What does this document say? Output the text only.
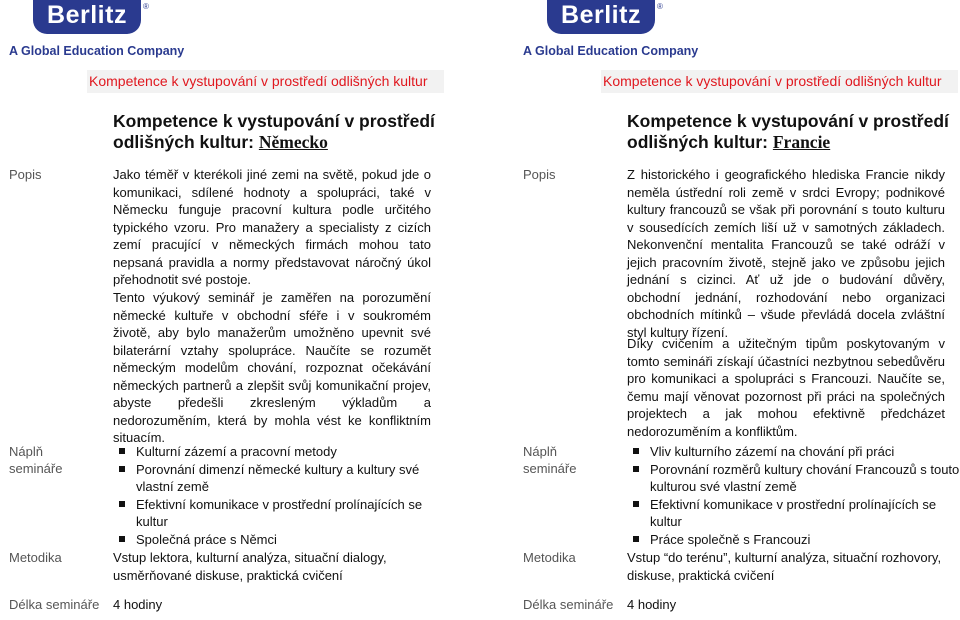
Berlitz	®
A Global Education Company
Kompetence k vystupování v prostředí odlišných kultur
Kompetence k vystupování v prostředí
odlišných kultur: Německo
Popis	Jako téměř v kterékoli jiné zemi na světě, pokud jde o komunikaci, sdílené hodnoty a spolupráci, také v Německu funguje pracovní kultura podle určitého typického vzoru. Pro manažery a specialisty z cizích zemí pracující v německých firmách mohou tato nepsaná pravidla a normy představovat náročný úkol přehodnotit své postoje.
Tento výukový seminář je zaměřen na porozumění německé kultuře v obchodní sféře i v soukromém životě, aby bylo manažerům umožněno upevnit své bilaterární vztahy spolupráce. Naučíte se rozumět německým modelům chování, rozpoznat očekávání německých partnerů a zlepšit svůj komunikační projev, abyste předešli zkresleným výkladům a nedorozuměním, která by mohla vést ke konfliktním situacím.
Náplň
semináře
Kulturní zázemí a pracovní metody
Porovnání dimenzí německé kultury a kultury své vlastní země
Efektivní komunikace v prostřední prolínajících se kultur
Společná práce s Němci
Metodika	Vstup lektora, kulturní analýza, situační dialogy, usměrňované diskuse, praktická cvičení
Délka semináře 4 hodiny
Berlitz	®
A Global Education Company
Kompetence k vystupování v prostředí odlišných kultur
Kompetence k vystupování v prostředí
odlišných kultur: Francie
Popis	Z historického i geografického hlediska Francie nikdy neměla ústřední roli země v srdci Evropy; podnikové kultury francouzů se však při porovnání s touto kulturu v sousedících zemích liší už v samotných základech. Nekonvenční mentalita Francouzů se také odráží v jejich pracovním životě, stejně jako ve způsobu jejich jednání s cizinci. Ať už jde o budování důvěry, obchodní jednání, rozhodování nebo organizaci obchodních mítinků – všude převládá docela zvláštní styl kultury řízení.
Díky cvičením a užitečným tipům poskytovaným v tomto semináři získají účastníci nezbytnou sebedůvěru pro komunikaci a spolupráci s Francouzi. Naučíte se, čemu mají věnovat pozornost při práci na společných projektech a jak mohou efektivně předcházet nedorozuměním a konfliktům.
Náplň
semináře
Vliv kulturního zázemí na chování při práci
Porovnání rozměrů kultury chování Francouzů s touto kulturou své vlastní země
Efektivní komunikace v prostřední prolínajících se kultur
Práce společně s Francouzi
Metodika	Vstup “do terénu”, kulturní analýza, situační rozhovory, diskuse, praktická cvičení
Délka semináře 4 hodiny
